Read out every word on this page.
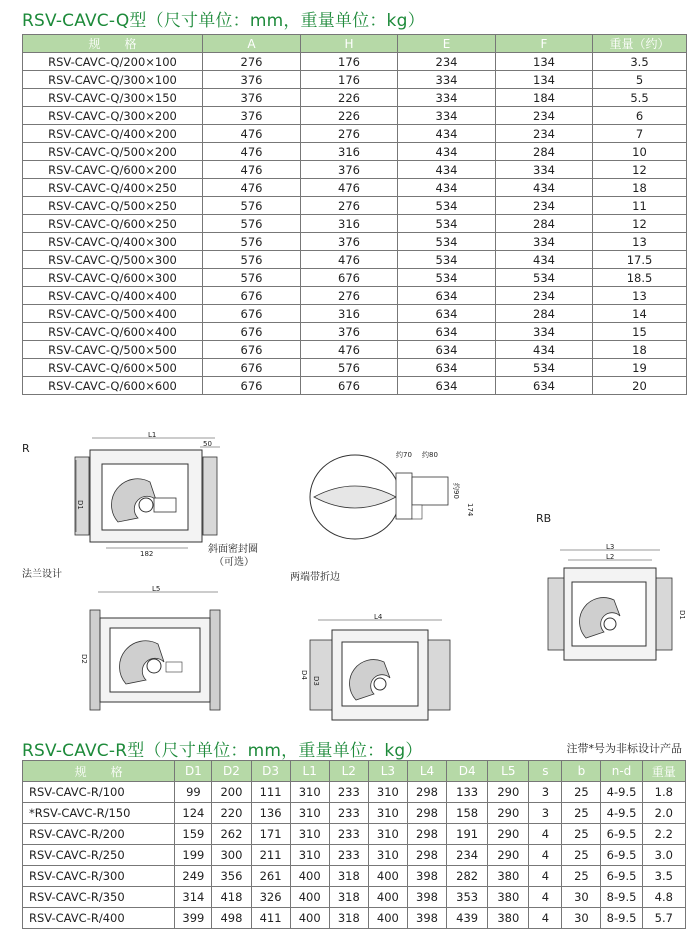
RSV-CAVC-Q型（尺寸单位：mm，重量单位：kg）
规　　格	A	H	E	F	重量（约）
RSV-CAVC-Q/200×100	276	176	234	134	3.5
RSV-CAVC-Q/300×100	376	176	334	134	5
RSV-CAVC-Q/300×150	376	226	334	184	5.5
RSV-CAVC-Q/300×200	376	226	334	234	6
RSV-CAVC-Q/400×200	476	276	434	234	7
RSV-CAVC-Q/500×200	476	316	434	284	10
RSV-CAVC-Q/600×200	476	376	434	334	12
RSV-CAVC-Q/400×250	476	476	434	434	18
RSV-CAVC-Q/500×250	576	276	534	234	11
RSV-CAVC-Q/600×250	576	316	534	284	12
RSV-CAVC-Q/400×300	576	376	534	334	13
RSV-CAVC-Q/500×300	576	476	534	434	17.5
RSV-CAVC-Q/600×300	576	676	534	534	18.5
RSV-CAVC-Q/400×400	676	276	634	234	13
RSV-CAVC-Q/500×400	676	316	634	284	14
RSV-CAVC-Q/600×400	676	376	634	334	15
RSV-CAVC-Q/500×500	676	476	634	434	18
RSV-CAVC-Q/600×500	676	576	634	534	19
RSV-CAVC-Q/600×600	676	676	634	634	20
R
L1
50
D1
182	斜面密封圈
（可选）
约70 约80
约90
174
RB
L3
L2
D1
法兰设计
L5
D2
两端带折边
L4
D4
D3
RSV-CAVC-R型（尺寸单位：mm，重量单位：kg）	注带*号为非标设计产品
规　　格	D1	D2	D3	L1	L2	L3	L4	D4	L5	s	b	n-d	重量
RSV-CAVC-R/100	99	200	111	310	233	310	298	133	290	3	25	4-9.5	1.8
*RSV-CAVC-R/150	124	220	136	310	233	310	298	158	290	3	25	4-9.5	2.0
RSV-CAVC-R/200	159	262	171	310	233	310	298	191	290	4	25	6-9.5	2.2
RSV-CAVC-R/250	199	300	211	310	233	310	298	234	290	4	25	6-9.5	3.0
RSV-CAVC-R/300	249	356	261	400	318	400	398	282	380	4	25	6-9.5	3.5
RSV-CAVC-R/350	314	418	326	400	318	400	398	353	380	4	30	8-9.5	4.8
RSV-CAVC-R/400	399	498	411	400	318	400	398	439	380	4	30	8-9.5	5.7
